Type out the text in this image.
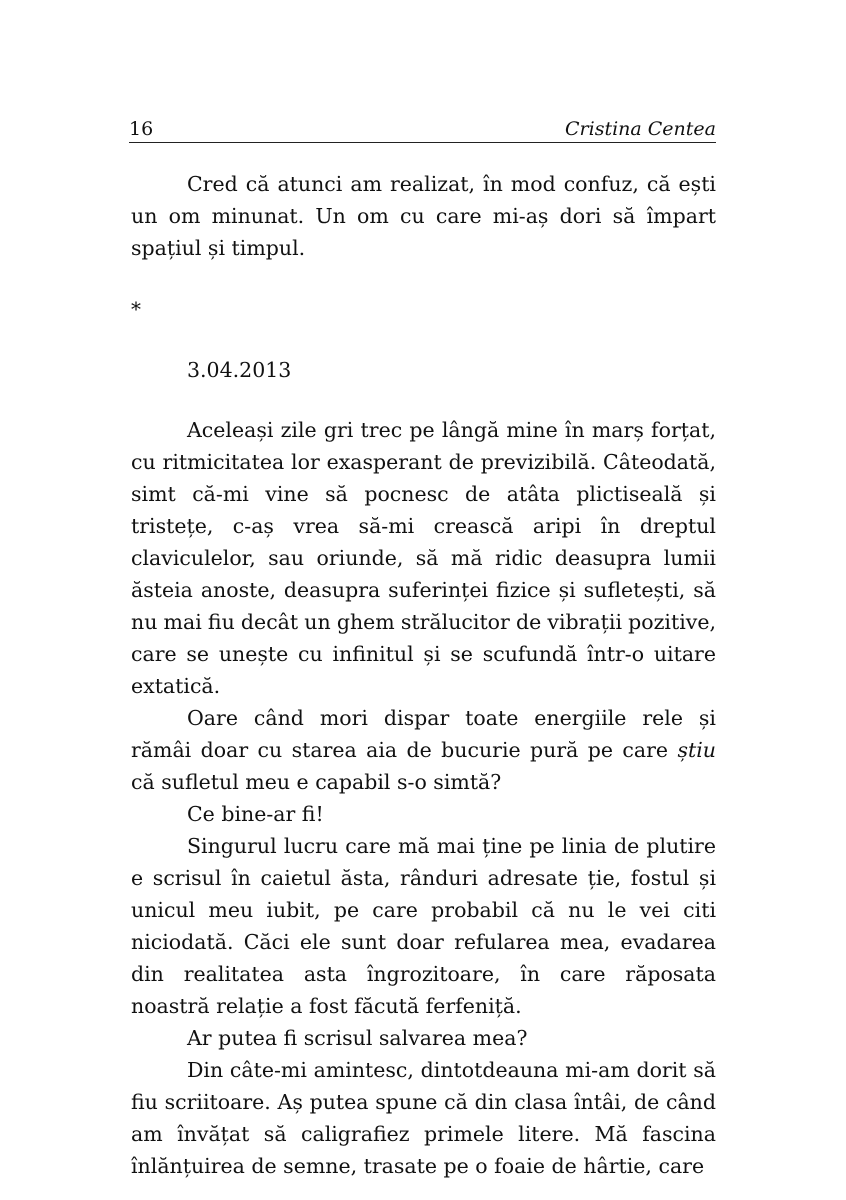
16	Cristina Centea

Cred că atunci am realizat, în mod confuz, că ești un om minunat. Un om cu care mi-aș dori să împart spațiul și timpul.

*

3.04.2013

Aceleași zile gri trec pe lângă mine în marș forțat, cu ritmicitatea lor exasperant de previzibilă. Câteodată, simt că-mi vine să pocnesc de atâta plictiseală și tristețe, c-aș vrea să-mi crească aripi în dreptul claviculelor, sau oriunde, să mă ridic deasupra lumii ăsteia anoste, deasupra suferinței fizice și sufletești, să nu mai fiu decât un ghem strălucitor de vibrații pozitive, care se unește cu infinitul și se scufundă într-o uitare extatică.

Oare când mori dispar toate energiile rele și rămâi doar cu starea aia de bucurie pură pe care știu că sufletul meu e capabil s-o simtă?

Ce bine-ar fi!

Singurul lucru care mă mai ține pe linia de plutire e scrisul în caietul ăsta, rânduri adresate ție, fostul și unicul meu iubit, pe care probabil că nu le vei citi niciodată. Căci ele sunt doar refularea mea, evadarea din realitatea asta îngrozitoare, în care răposata noastră relație a fost făcută ferfeniță.

Ar putea fi scrisul salvarea mea?

Din câte-mi amintesc, dintotdeauna mi-am dorit să fiu scriitoare. Aș putea spune că din clasa întâi, de când am învățat să caligrafiez primele litere. Mă fascina înlănțuirea de semne, trasate pe o foaie de hârtie, care
